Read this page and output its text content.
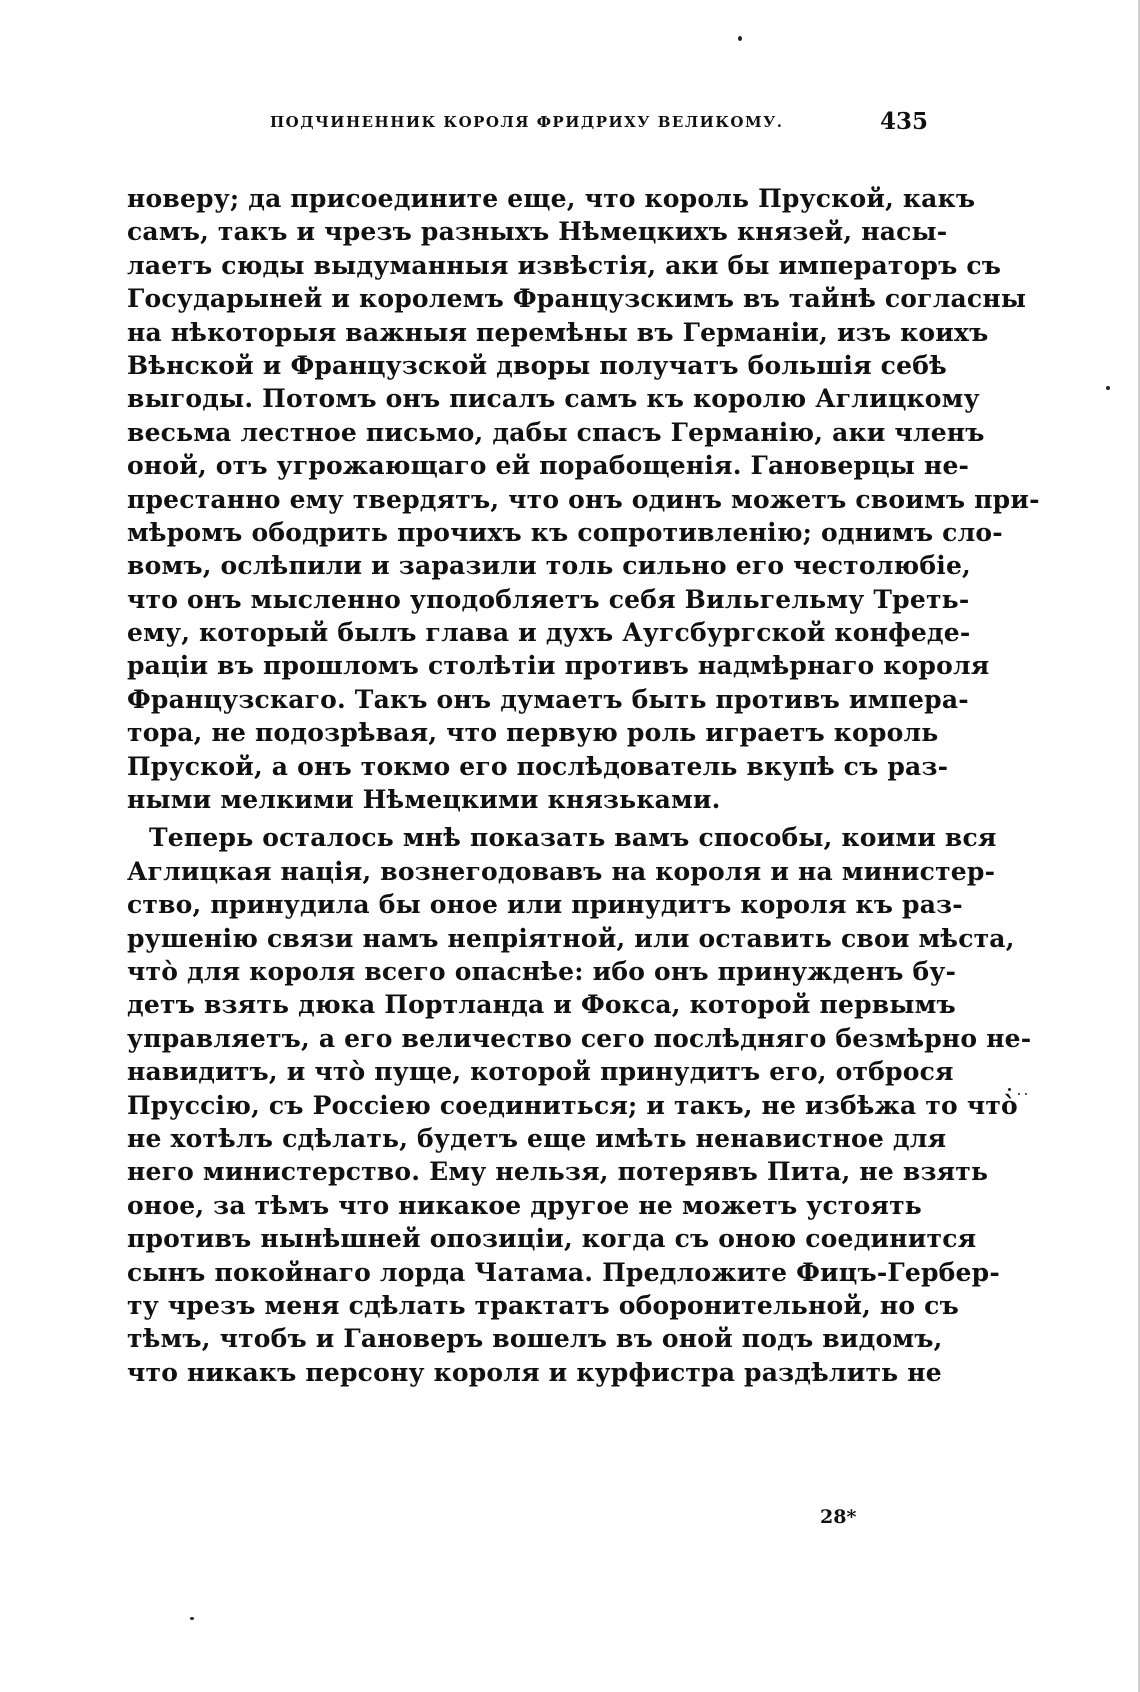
ПОДЧИНЕННИК КОРОЛЯ ФРИДРИХУ ВЕЛИКОМУ.	435
новеру; да присоедините еще, что король Пруской, какъ
самъ, такъ и чрезъ разныхъ Нѣмецкихъ князей, насы-
лаетъ сюды выдуманныя извѣстія, аки бы императоръ съ
Государыней и королемъ Французскимъ въ тайнѣ согласны
на нѣкоторыя важныя перемѣны въ Германіи, изъ коихъ
Вѣнской и Французской дворы получатъ большія себѣ
выгоды. Потомъ онъ писалъ самъ къ королю Аглицкому
весьма лестное письмо, дабы спасъ Германію, аки членъ
оной, отъ угрожающаго ей порабощенія. Гановерцы не-
престанно ему твердятъ, что онъ одинъ можетъ своимъ при-
мѣромъ ободрить прочихъ къ сопротивленію; однимъ сло-
вомъ, ослѣпили и заразили толь сильно его честолюбіе,
что онъ мысленно уподобляетъ себя Вильгельму Треть-
ему, который былъ глава и духъ Аугсбургской конфеде-
раціи въ прошломъ столѣтіи противъ надмѣрнаго короля
Французскаго. Такъ онъ думаетъ быть противъ импера-
тора, не подозрѣвая, что первую роль играетъ король
Пруской, а онъ токмо его послѣдователь вкупѣ съ раз-
ными мелкими Нѣмецкими князьками.
Теперь осталось мнѣ показать вамъ способы, коими вся
Аглицкая нація, вознегодовавъ на короля и на министер-
ство, принудила бы оное или принудитъ короля къ раз-
рушенію связи намъ непріятной, или оставить свои мѣста,
что̀ для короля всего опаснѣе: ибо онъ принужденъ бу-
детъ взять дюка Портланда и Фокса, которой первымъ
управляетъ, а его величество сего послѣдняго безмѣрно не-
навидитъ, и что̀ пуще, которой принудитъ его, отброся
Пруссію, съ Россіею соединиться; и такъ, не избѣжа то что̀
не хотѣлъ сдѣлать, будетъ еще имѣть ненавистное для
него министерство. Ему нельзя, потерявъ Пита, не взять
оное, за тѣмъ что никакое другое не можетъ устоять
противъ нынѣшней опозиціи, когда съ оною соединится
сынъ покойнаго лорда Чатама. Предложите Фицъ-Гербер-
ту чрезъ меня сдѣлать трактатъ оборонительной, но съ
тѣмъ, чтобъ и Гановеръ вошелъ въ оной подъ видомъ,
что никакъ персону короля и курфистра раздѣлить не
28*
